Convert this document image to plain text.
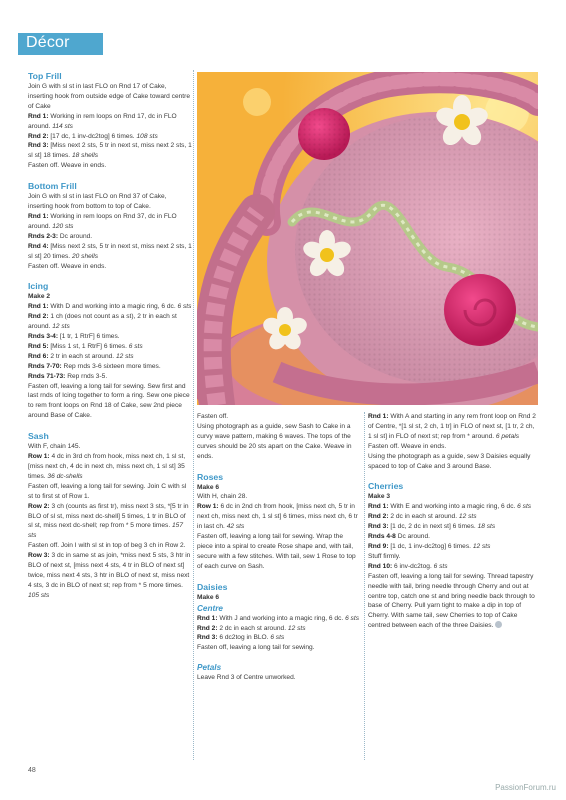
Décor

Top Frill

Join G with sl st in last FLO on Rnd 17 of Cake, inserting hook from outside edge of Cake toward centre of Cake

Rnd 1: Working in rem loops on Rnd 17, dc in FLO around. 114 sts

Rnd 2: [17 dc, 1 inv-dc2tog] 6 times. 108 sts

Rnd 3: [Miss next 2 sts, 5 tr in next st, miss next 2 sts, 1 sl st] 18 times. 18 shells

Fasten off. Weave in ends.

Bottom Frill

Join G with sl st in last FLO on Rnd 37 of Cake, inserting hook from bottom to top of Cake.

Rnd 1: Working in rem loops on Rnd 37, dc in FLO around. 120 sts

Rnds 2-3: Dc around.

Rnd 4: [Miss next 2 sts, 5 tr in next st, miss next 2 sts, 1 sl st] 20 times. 20 shells

Fasten off. Weave in ends.

Icing

Make 2

Rnd 1: With D and working into a magic ring, 6 dc. 6 sts

Rnd 2: 1 ch (does not count as a st), 2 tr in each st around. 12 sts

Rnds 3-4: [1 tr, 1 RtrF] 6 times.

Rnd 5: [Miss 1 st, 1 RtrF] 6 times. 6 sts

Rnd 6: 2 tr in each st around. 12 sts

Rnds 7-70: Rep rnds 3-6 sixteen more times.

Rnds 71-73: Rep rnds 3-5.

Fasten off, leaving a long tail for sewing. Sew first and last rnds of Icing together to form a ring. Sew one piece to rem front loops on Rnd 18 of Cake, sew 2nd piece around Base of Cake.

Sash

With F, chain 145.

Row 1: 4 dc in 3rd ch from hook, miss next ch, 1 sl st, [miss next ch, 4 dc in next ch, miss next ch, 1 sl st] 35 times. 36 dc-shells

Fasten off, leaving a long tail for sewing. Join C with sl st to first st of Row 1.

Row 2: 3 ch (counts as first tr), miss next 3 sts, *[5 tr in BLO of sl st, miss next dc-shell] 5 times, 1 tr in BLO of sl st, miss next dc-shell; rep from * 5 more times. 157 sts

Fasten off. Join I with sl st in top of beg 3 ch in Row 2.

Row 3: 3 dc in same st as join, *miss next 5 sts, 3 htr in BLO of next st, [miss next 4 sts, 4 tr in BLO of next st] twice, miss next 4 sts, 3 htr in BLO of next st, miss next 4 sts, 3 dc in BLO of next st; rep from * 5 more times. 105 sts

Fasten off.

Using photograph as a guide, sew Sash to Cake in a curvy wave pattern, making 6 waves. The tops of the curves should be 20 sts apart on the Cake. Weave in ends.

Roses

Make 6

With H, chain 28.

Row 1: 6 dc in 2nd ch from hook, [miss next ch, 5 tr in next ch, miss next ch, 1 sl st] 6 times, miss next ch, 6 tr in last ch. 42 sts

Fasten off, leaving a long tail for sewing. Wrap the piece into a spiral to create Rose shape and, with tail, secure with a few stitches. With tail, sew 1 Rose to top of each curve on Sash.

Daisies

Make 6

Centre

Rnd 1: With J and working into a magic ring, 6 dc. 6 sts

Rnd 2: 2 dc in each st around. 12 sts

Rnd 3: 6 dc2tog in BLO. 6 sts

Fasten off, leaving a long tail for sewing.

Petals

Leave Rnd 3 of Centre unworked.

Rnd 1: With A and starting in any rem front loop on Rnd 2 of Centre, *[1 sl st, 2 ch, 1 tr] in FLO of next st, [1 tr, 2 ch, 1 sl st] in FLO of next st; rep from * around. 6 petals

Fasten off. Weave in ends.

Using the photograph as a guide, sew 3 Daisies equally spaced to top of Cake and 3 around Base.

Cherries

Make 3

Rnd 1: With E and working into a magic ring, 6 dc. 6 sts

Rnd 2: 2 dc in each st around. 12 sts

Rnd 3: [1 dc, 2 dc in next st] 6 times. 18 sts

Rnds 4-8 Dc around.

Rnd 9: [1 dc, 1 inv-dc2tog] 6 times. 12 sts

Stuff firmly.

Rnd 10: 6 inv-dc2tog. 6 sts

Fasten off, leaving a long tail for sewing. Thread tapestry needle with tail, bring needle through Cherry and out at centre top, catch one st and bring needle back through to base of Cherry. Pull yarn tight to make a dip in top of Cherry. With same tail, sew Cherries to top of Cake centred between each of the three Daisies.

48
PassionForum.ru
